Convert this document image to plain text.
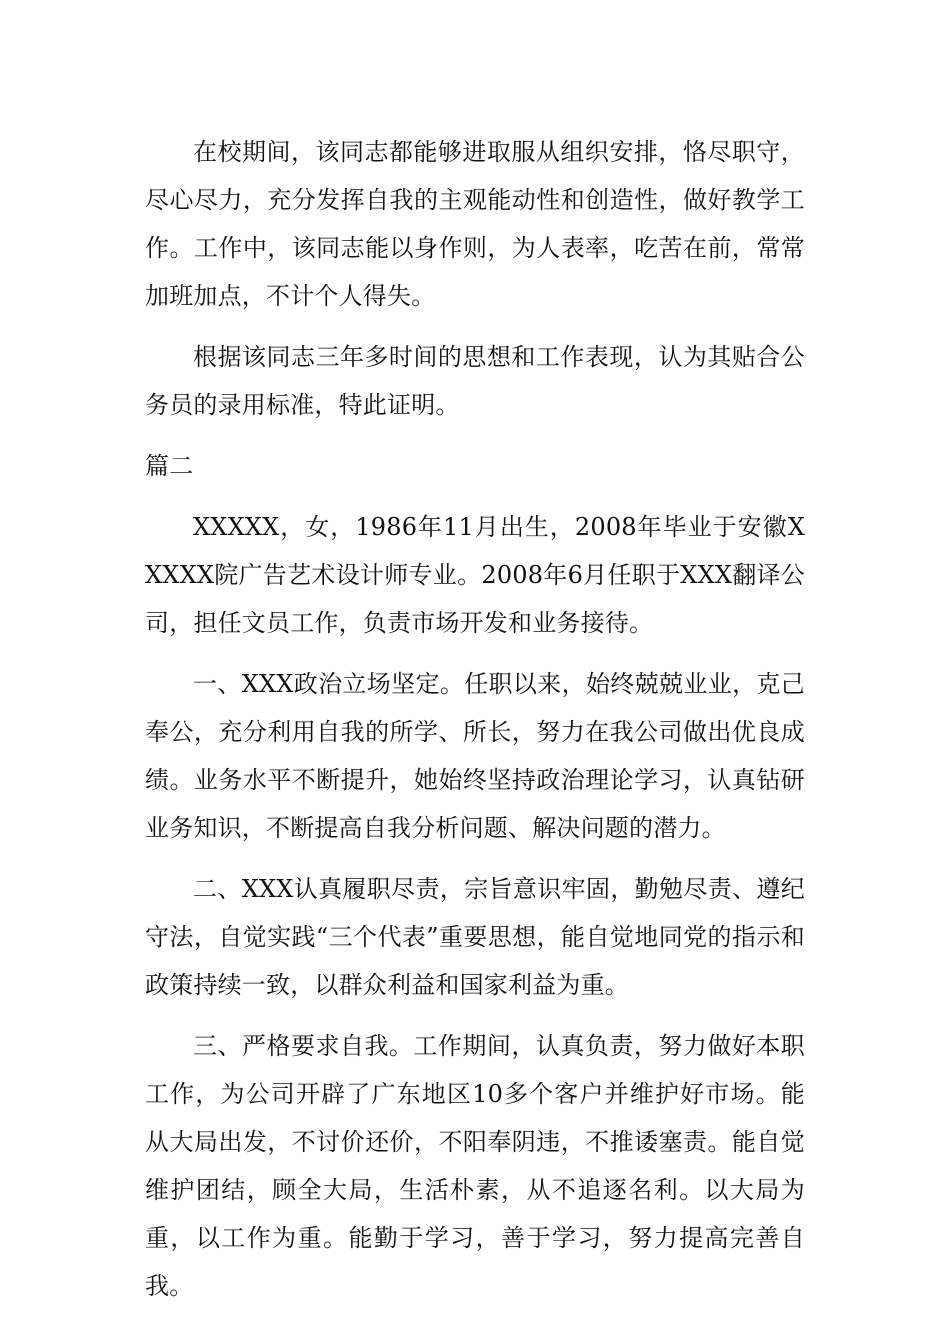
在校期间，该同志都能够进取服从组织安排，恪尽职守，尽心尽力，充分发挥自我的主观能动性和创造性，做好教学工作。工作中，该同志能以身作则，为人表率，吃苦在前，常常加班加点，不计个人得失。

根据该同志三年多时间的思想和工作表现，认为其贴合公务员的录用标准，特此证明。

篇二

XXXXX，女，1986年11月出生，2008年毕业于安徽XXXXX院广告艺术设计师专业。2008年6月任职于XXX翻译公司，担任文员工作，负责市场开发和业务接待。

一、XXX政治立场坚定。任职以来，始终兢兢业业，克己奉公，充分利用自我的所学、所长，努力在我公司做出优良成绩。业务水平不断提升，她始终坚持政治理论学习，认真钻研业务知识，不断提高自我分析问题、解决问题的潜力。

二、XXX认真履职尽责，宗旨意识牢固，勤勉尽责、遵纪守法，自觉实践“三个代表”重要思想，能自觉地同党的指示和政策持续一致，以群众利益和国家利益为重。

三、严格要求自我。工作期间，认真负责，努力做好本职工作，为公司开辟了广东地区10多个客户并维护好市场。能从大局出发，不讨价还价，不阳奉阴违，不推诿塞责。能自觉维护团结，顾全大局，生活朴素，从不追逐名利。以大局为重，以工作为重。能勤于学习，善于学习，努力提高完善自我。
